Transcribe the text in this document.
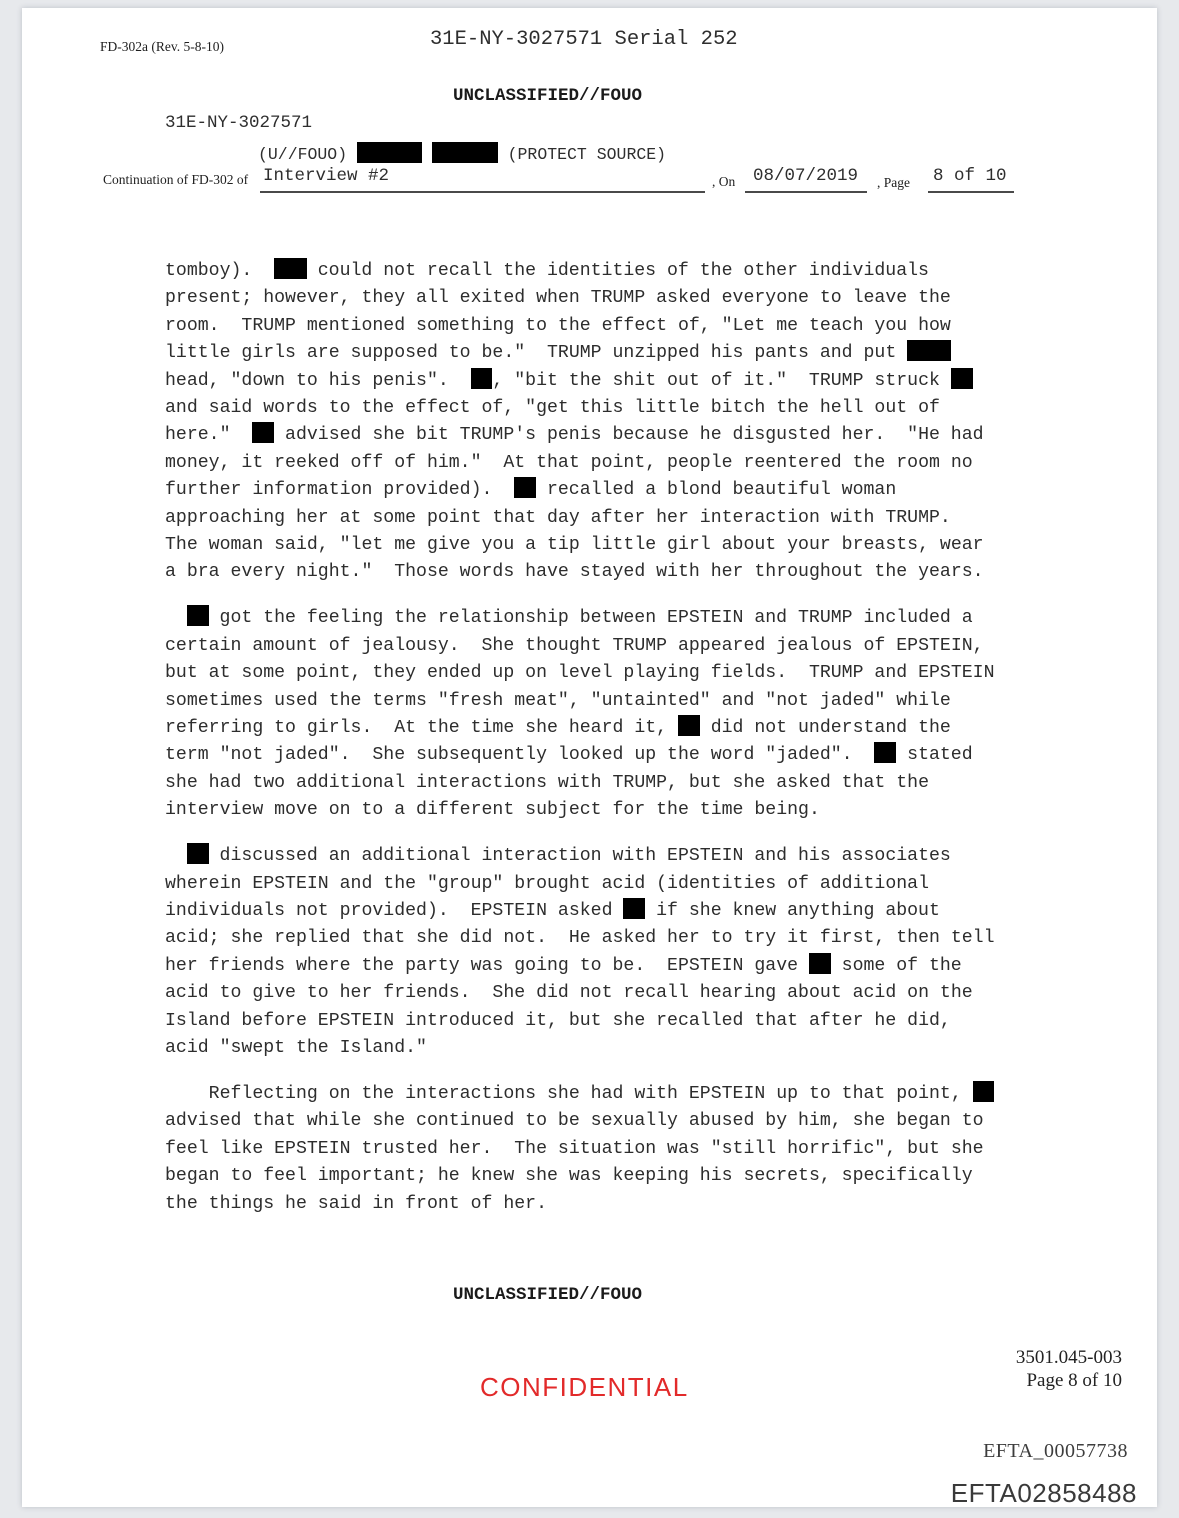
FD-302a (Rev. 5-8-10)	31E-NY-3027571 Serial 252
UNCLASSIFIED//FOUO
31E-NY-3027571
(U//FOUO)	(PROTECT SOURCE)
Continuation of FD-302 of Interview #2	, On 08/07/2019 , Page 8 of 10
tomboy).   could not recall the identities of the other individuals
present; however, they all exited when TRUMP asked everyone to leave the
room.  TRUMP mentioned something to the effect of, "Let me teach you how
little girls are supposed to be."  TRUMP unzipped his pants and put
head, "down to his penis".  , "bit the shit out of it."  TRUMP struck
and said words to the effect of, "get this little bitch the hell out of
here."   advised she bit TRUMP's penis because he disgusted her.  "He had
money, it reeked off of him."  At that point, people reentered the room no
further information provided).   recalled a blond beautiful woman
approaching her at some point that day after her interaction with TRUMP.
The woman said, "let me give you a tip little girl about your breasts, wear
a bra every night."  Those words have stayed with her throughout the years.
got the feeling the relationship between EPSTEIN and TRUMP included a
certain amount of jealousy.  She thought TRUMP appeared jealous of EPSTEIN,
but at some point, they ended up on level playing fields.  TRUMP and EPSTEIN
sometimes used the terms "fresh meat", "untainted" and "not jaded" while
referring to girls.  At the time she heard it,  did not understand the
term "not jaded".  She subsequently looked up the word "jaded".   stated
she had two additional interactions with TRUMP, but she asked that the
interview move on to a different subject for the time being.
discussed an additional interaction with EPSTEIN and his associates
wherein EPSTEIN and the "group" brought acid (identities of additional
individuals not provided).  EPSTEIN asked  if she knew anything about
acid; she replied that she did not.  He asked her to try it first, then tell
her friends where the party was going to be.  EPSTEIN gave  some of the
acid to give to her friends.  She did not recall hearing about acid on the
Island before EPSTEIN introduced it, but she recalled that after he did,
acid "swept the Island."
Reflecting on the interactions she had with EPSTEIN up to that point,
advised that while she continued to be sexually abused by him, she began to
feel like EPSTEIN trusted her.  The situation was "still horrific", but she
began to feel important; he knew she was keeping his secrets, specifically
the things he said in front of her.
UNCLASSIFIED//FOUO
3501.045-003
Page 8 of 10
CONFIDENTIAL
EFTA_00057738
EFTA02858488
